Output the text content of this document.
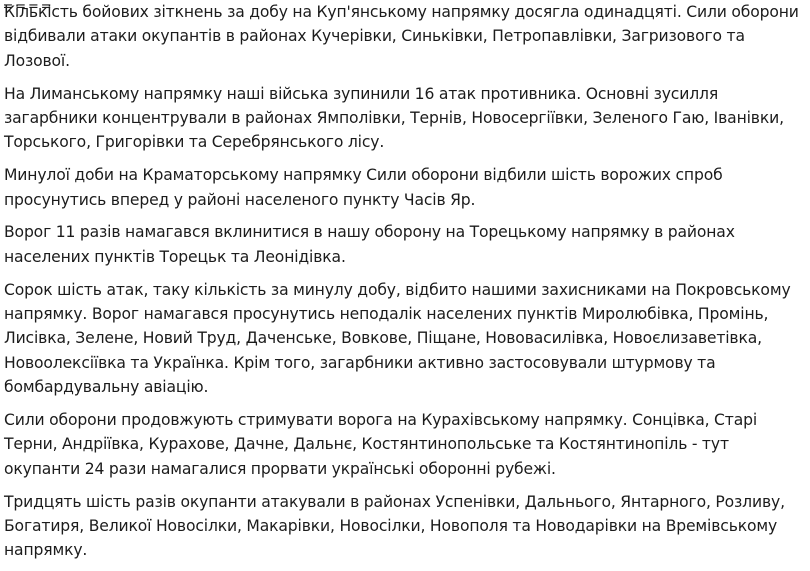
Кількість бойових зіткнень за добу на Куп'янському напрямку досягла одинадцяті. Сили оборони відбивали атаки окупантів в районах Кучерівки, Синьківки, Петропавлівки, Загризового та Лозової.

На Лиманському напрямку наші війська зупинили 16 атак противника. Основні зусилля загарбники концентрували в районах Ямполівки, Тернів, Новосергіївки, Зеленого Гаю, Іванівки, Торського, Григорівки та Серебрянського лісу.

Минулої доби на Краматорському напрямку Сили оборони відбили шість ворожих спроб просунутись вперед у районі населеного пункту Часів Яр.

Ворог 11 разів намагався вклинитися в нашу оборону на Торецькому напрямку в районах населених пунктів Торецьк та Леонідівка.

Сорок шість атак, таку кількість за минулу добу, відбито нашими захисниками на Покровському напрямку. Ворог намагався просунутись неподалік населених пунктів Миролюбівка, Промінь, Лисівка, Зелене, Новий Труд, Даченське, Вовкове, Піщане, Нововасилівка, Новоєлизаветівка, Новоолексіївка та Українка. Крім того, загарбники активно застосовували штурмову та бомбардувальну авіацію.

Сили оборони продовжують стримувати ворога на Курахівському напрямку. Сонцівка, Старі Терни, Андріївка, Курахове, Дачне, Дальнє, Костянтинопольське та Костянтинопіль - тут окупанти 24 рази намагалися прорвати українські оборонні рубежі.

Тридцять шість разів окупанти атакували в районах Успенівки, Дальнього, Янтарного, Розливу, Богатиря, Великої Новосілки, Макарівки, Новосілки, Новополя та Новодарівки на Времівському напрямку.
